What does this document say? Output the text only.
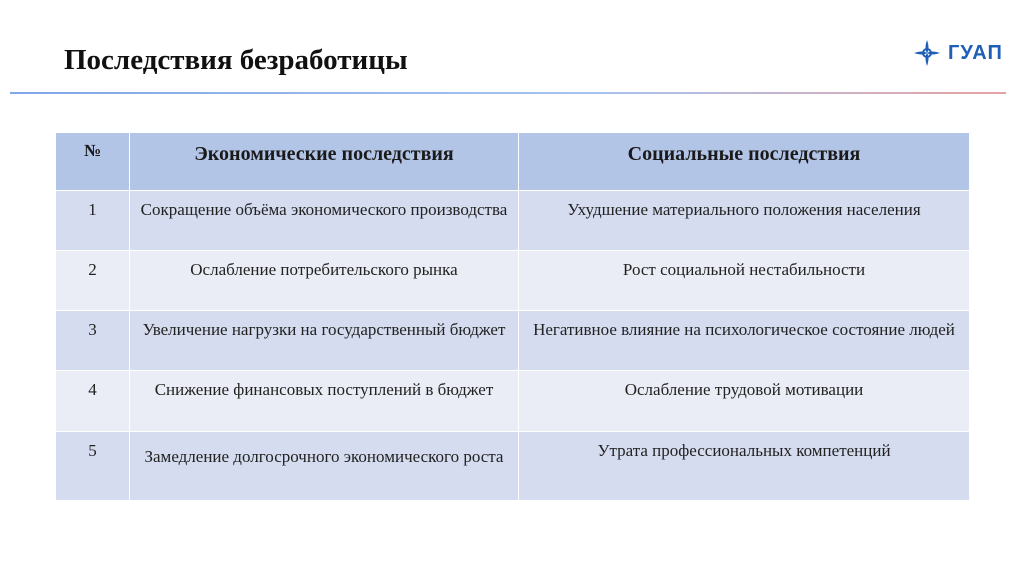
Последствия безработицы	ГУАП
№	Экономические последствия	Социальные последствия
1	Сокращение объёма экономического производства	Ухудшение материального положения населения
2	Ослабление потребительского рынка	Рост социальной нестабильности
3	Увеличение нагрузки на государственный бюджет	Негативное влияние на психологическое состояние людей
4	Снижение финансовых поступлений в бюджет	Ослабление трудовой мотивации
5	Замедление долгосрочного экономического роста	Утрата профессиональных компетенций
